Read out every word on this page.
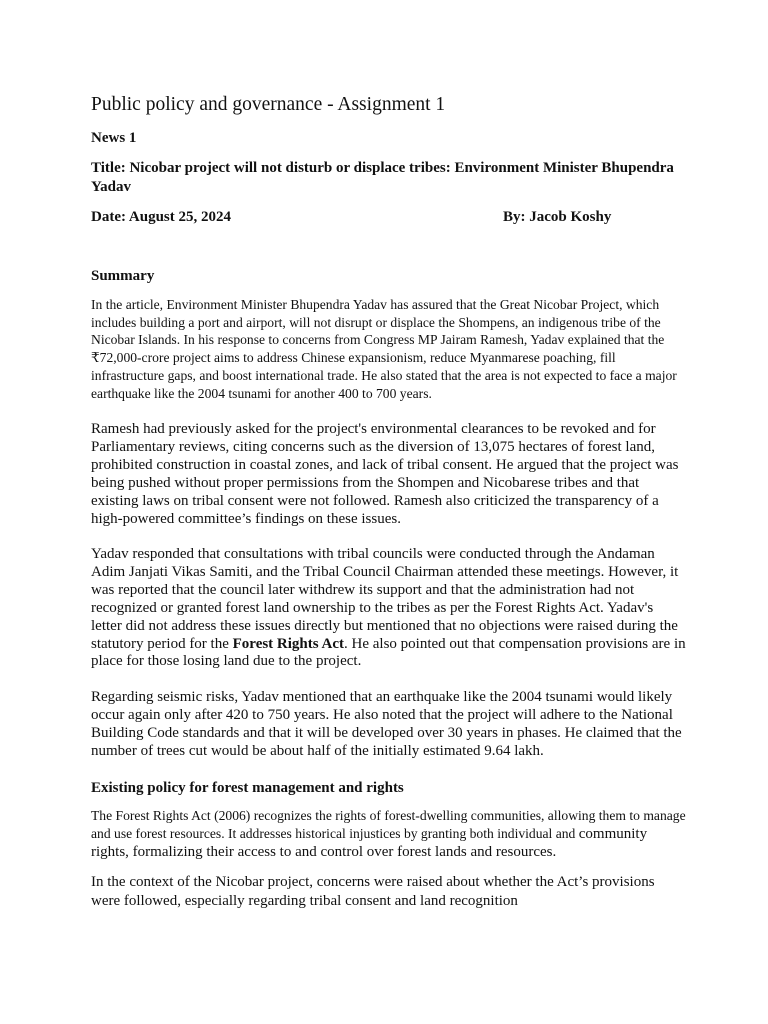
Public policy and governance - Assignment 1
News 1
Title: Nicobar project will not disturb or displace tribes: Environment Minister Bhupendra Yadav
Date: August 25, 2024	By: Jacob Koshy
Summary
In the article, Environment Minister Bhupendra Yadav has assured that the Great Nicobar Project, which includes building a port and airport, will not disrupt or displace the Shompens, an indigenous tribe of the Nicobar Islands. In his response to concerns from Congress MP Jairam Ramesh, Yadav explained that the ₹72,000-crore project aims to address Chinese expansionism, reduce Myanmarese poaching, fill infrastructure gaps, and boost international trade. He also stated that the area is not expected to face a major earthquake like the 2004 tsunami for another 400 to 700 years.
Ramesh had previously asked for the project's environmental clearances to be revoked and for Parliamentary reviews, citing concerns such as the diversion of 13,075 hectares of forest land, prohibited construction in coastal zones, and lack of tribal consent. He argued that the project was being pushed without proper permissions from the Shompen and Nicobarese tribes and that existing laws on tribal consent were not followed. Ramesh also criticized the transparency of a high-powered committee’s findings on these issues.
Yadav responded that consultations with tribal councils were conducted through the Andaman Adim Janjati Vikas Samiti, and the Tribal Council Chairman attended these meetings. However, it was reported that the council later withdrew its support and that the administration had not recognized or granted forest land ownership to the tribes as per the Forest Rights Act. Yadav's letter did not address these issues directly but mentioned that no objections were raised during the statutory period for the Forest Rights Act. He also pointed out that compensation provisions are in place for those losing land due to the project.
Regarding seismic risks, Yadav mentioned that an earthquake like the 2004 tsunami would likely occur again only after 420 to 750 years. He also noted that the project will adhere to the National Building Code standards and that it will be developed over 30 years in phases. He claimed that the number of trees cut would be about half of the initially estimated 9.64 lakh.
Existing policy for forest management and rights
The Forest Rights Act (2006) recognizes the rights of forest-dwelling communities, allowing them to manage and use forest resources. It addresses historical injustices by granting both individual and community rights, formalizing their access to and control over forest lands and resources.
In the context of the Nicobar project, concerns were raised about whether the Act’s provisions were followed, especially regarding tribal consent and land recognition
